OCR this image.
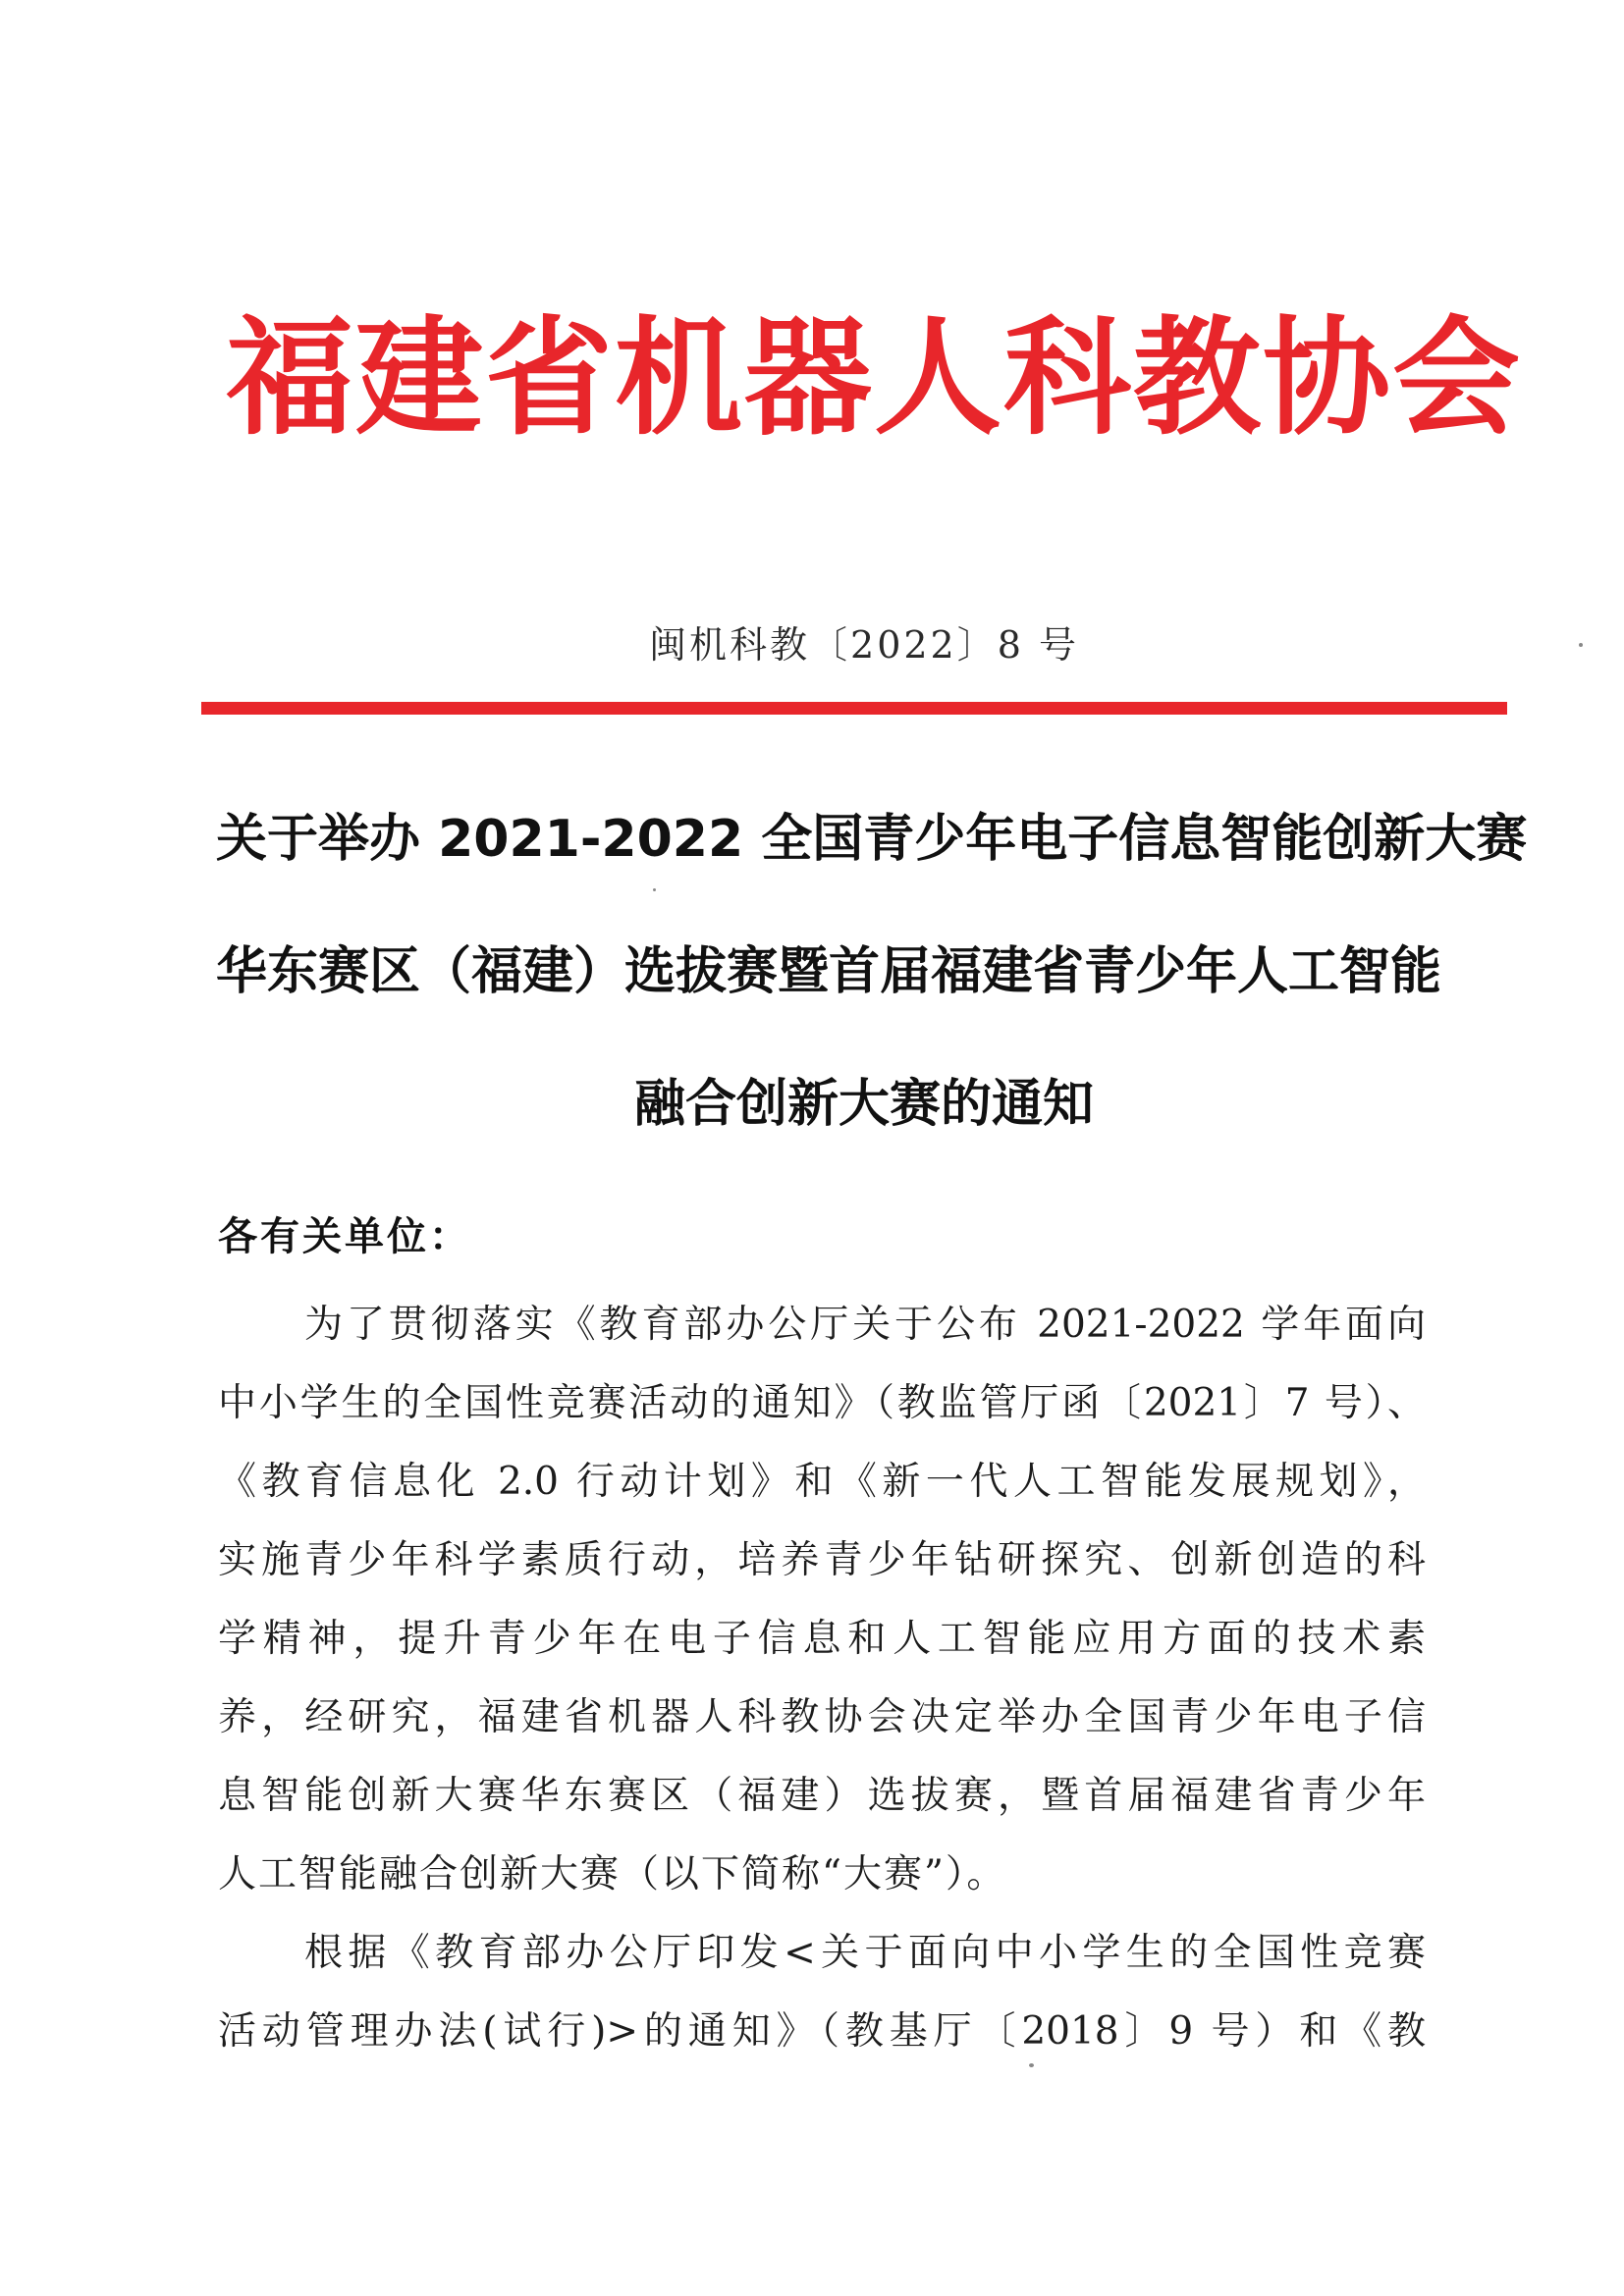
福建省机器人科教协会
闽机科教〔2022〕8 号
关于举办 2021-2022 全国青少年电子信息智能创新大赛
华东赛区（福建）选拔赛暨首届福建省青少年人工智能
融合创新大赛的通知
各有关单位：
为了贯彻落实《教育部办公厅关于公布 2021-2022 学年面向
中小学生的全国性竞赛活动的通知》（教监管厅函〔2021〕7 号）、
《教育信息化 2.0 行动计划》和《新一代人工智能发展规划》，
实施青少年科学素质行动，培养青少年钻研探究、创新创造的科
学精神，提升青少年在电子信息和人工智能应用方面的技术素
养，经研究，福建省机器人科教协会决定举办全国青少年电子信
息智能创新大赛华东赛区（福建）选拔赛，暨首届福建省青少年
人工智能融合创新大赛（以下简称“大赛”）。
根据《教育部办公厅印发<关于面向中小学生的全国性竞赛
活动管理办法(试行)>的通知》（教基厅〔2018〕9 号）和《教
